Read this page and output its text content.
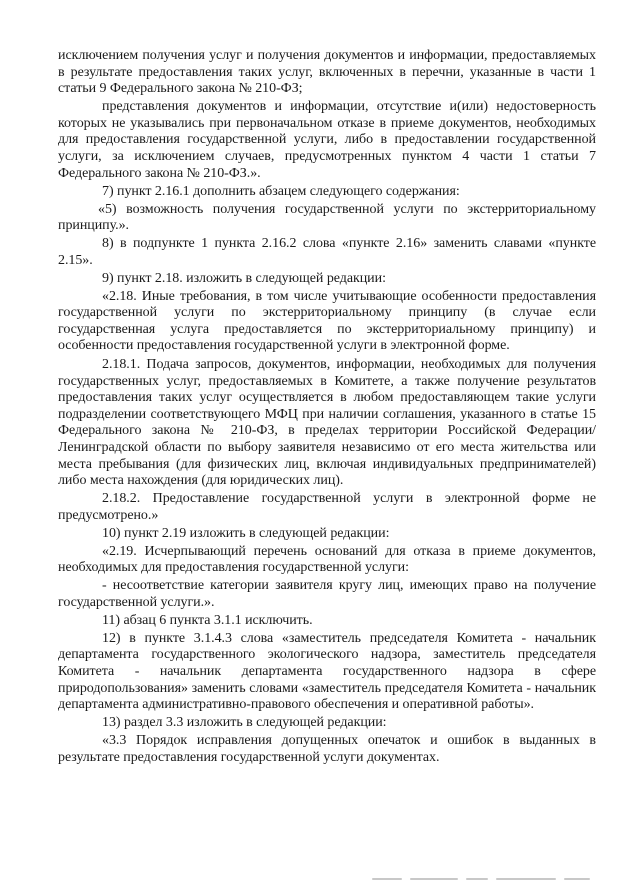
исключением получения услуг и получения документов и информации, предоставляемых в результате предоставления таких услуг, включенных в перечни, указанные в части 1 статьи 9 Федерального закона № 210-ФЗ;

представления документов и информации, отсутствие и(или) недостоверность которых не указывались при первоначальном отказе в приеме документов, необходимых для предоставления государственной услуги, либо в предоставлении государственной услуги, за исключением случаев, предусмотренных пунктом 4 части 1 статьи 7 Федерального закона № 210-ФЗ.».

7) пункт 2.16.1 дополнить абзацем следующего содержания:

«5) возможность получения государственной услуги по экстерриториальному принципу.».

8) в подпункте 1 пункта 2.16.2 слова «пункте 2.16» заменить славами «пункте 2.15».

9) пункт 2.18. изложить в следующей редакции:

«2.18. Иные требования, в том числе учитывающие особенности предоставления государственной услуги по экстерриториальному принципу (в случае если государственная услуга предоставляется по экстерриториальному принципу) и особенности предоставления государственной услуги в электронной форме.

2.18.1. Подача запросов, документов, информации, необходимых для получения государственных услуг, предоставляемых в Комитете, а также получение результатов предоставления таких услуг осуществляется в любом предоставляющем такие услуги подразделении соответствующего МФЦ при наличии соглашения, указанного в статье 15 Федерального закона № 210-ФЗ, в пределах территории Российской Федерации/Ленинградской области по выбору заявителя независимо от его места жительства или места пребывания (для физических лиц, включая индивидуальных предпринимателей) либо места нахождения (для юридических лиц).

2.18.2. Предоставление государственной услуги в электронной форме не предусмотрено.»

10) пункт 2.19 изложить в следующей редакции:

«2.19. Исчерпывающий перечень оснований для отказа в приеме документов, необходимых для предоставления государственной услуги:

- несоответствие категории заявителя кругу лиц, имеющих право на получение государственной услуги.».

11) абзац 6 пункта 3.1.1 исключить.

12) в пункте 3.1.4.3 слова «заместитель председателя Комитета - начальник департамента государственного экологического надзора, заместитель председателя Комитета - начальник департамента государственного надзора в сфере природопользования» заменить словами «заместитель председателя Комитета - начальник департамента административно-правового обеспечения и оперативной работы».

13) раздел 3.3 изложить в следующей редакции:

«3.3 Порядок исправления допущенных опечаток и ошибок в выданных в результате предоставления государственной услуги документах.
